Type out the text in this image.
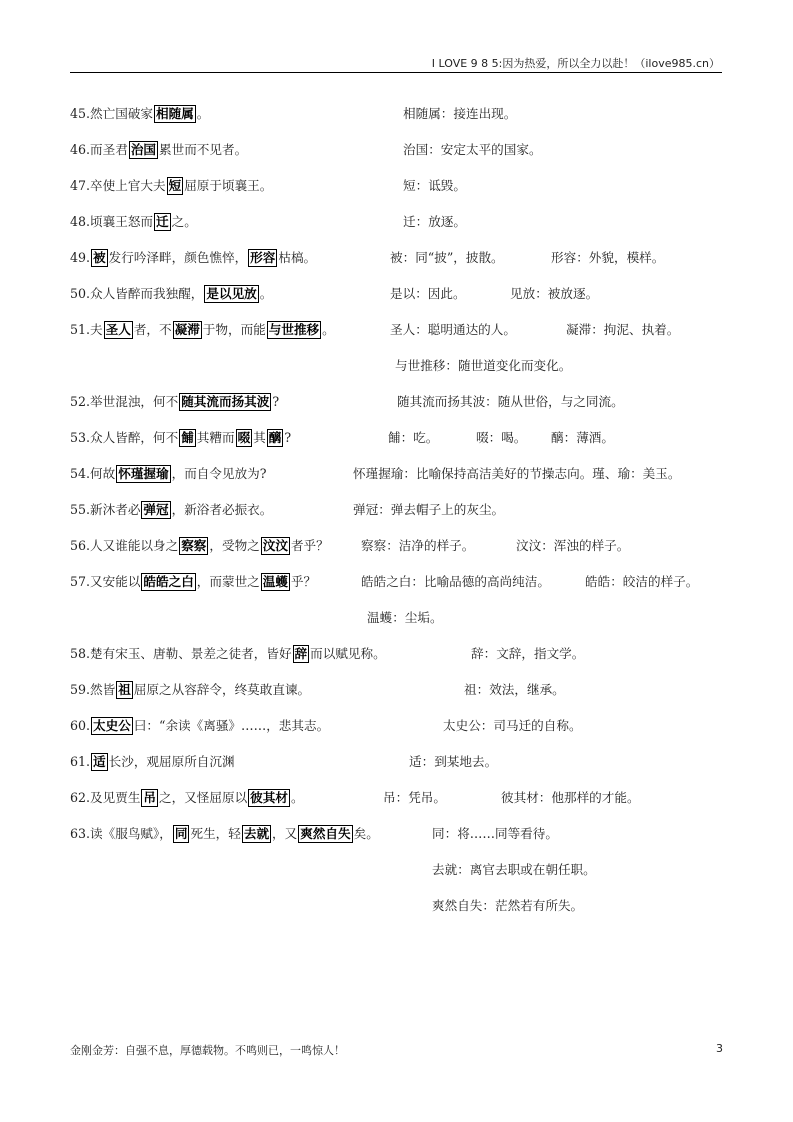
I LOVE 9 8 5:因为热爱，所以全力以赴！（ilove985.cn）
45.然亡国破家 相随属 。	相随属：接连出现。
46.而圣君 治国 累世而不见者。	治国：安定太平的国家。
47.卒使上官大夫 短 屈原于顷襄王。	短：诋毁。
48.顷襄王怒而 迁 之。	迁：放逐。
49. 被 发行吟泽畔，颜色憔悴， 形容 枯槁。	被：同“披”，披散。	形容：外貌，模样。
50.众人皆醉而我独醒， 是以见放 。	是以：因此。	见放：被放逐。
51.夫 圣人 者，不 凝滞 于物，而能 与世推移 。	圣人：聪明通达的人。	凝滞：拘泥、执着。
与世推移：随世道变化而变化。
52.举世混浊，何不 随其流而扬其波 ?	随其流而扬其波：随从世俗，与之同流。
53.众人皆醉，何不 餔 其糟而 啜 其 醨 ?	餔：吃。	啜：喝。 醨：薄酒。
54.何故 怀瑾握瑜 ，而自令见放为?	怀瑾握瑜：比喻保持高洁美好的节操志向。瑾、瑜：美玉。
55.新沐者必 弹冠 ，新浴者必振衣。	弹冠：弹去帽子上的灰尘。
56.人又谁能以身之 察察 ，受物之 汶汶 者乎？	察察：洁净的样子。	汶汶：浑浊的样子。
57.又安能以 皓皓之白 ，而蒙世之 温蠖 乎？	皓皓之白：比喻品德的高尚纯洁。	皓皓：皎洁的样子。
温蠖：尘垢。
58.楚有宋玉、唐勒、景差之徒者，皆好 辞 而以赋见称。	辞：文辞，指文学。
59.然皆 祖 屈原之从容辞令，终莫敢直谏。	祖：效法，继承。
60. 太史公 曰：“余读《离骚》……，悲其志。	太史公：司马迁的自称。
61. 适 长沙，观屈原所自沉渊	适：到某地去。
62.及见贾生 吊 之，又怪屈原以 彼其材 。	吊：凭吊。	彼其材：他那样的才能。
63.读《服鸟赋》， 同 死生，轻 去就 ，又 爽然自失 矣。	同：将……同等看待。
去就：离官去职或在朝任职。
爽然自失：茫然若有所失。
金刚金芳：自强不息，厚德载物。不鸣则已，一鸣惊人！	3
